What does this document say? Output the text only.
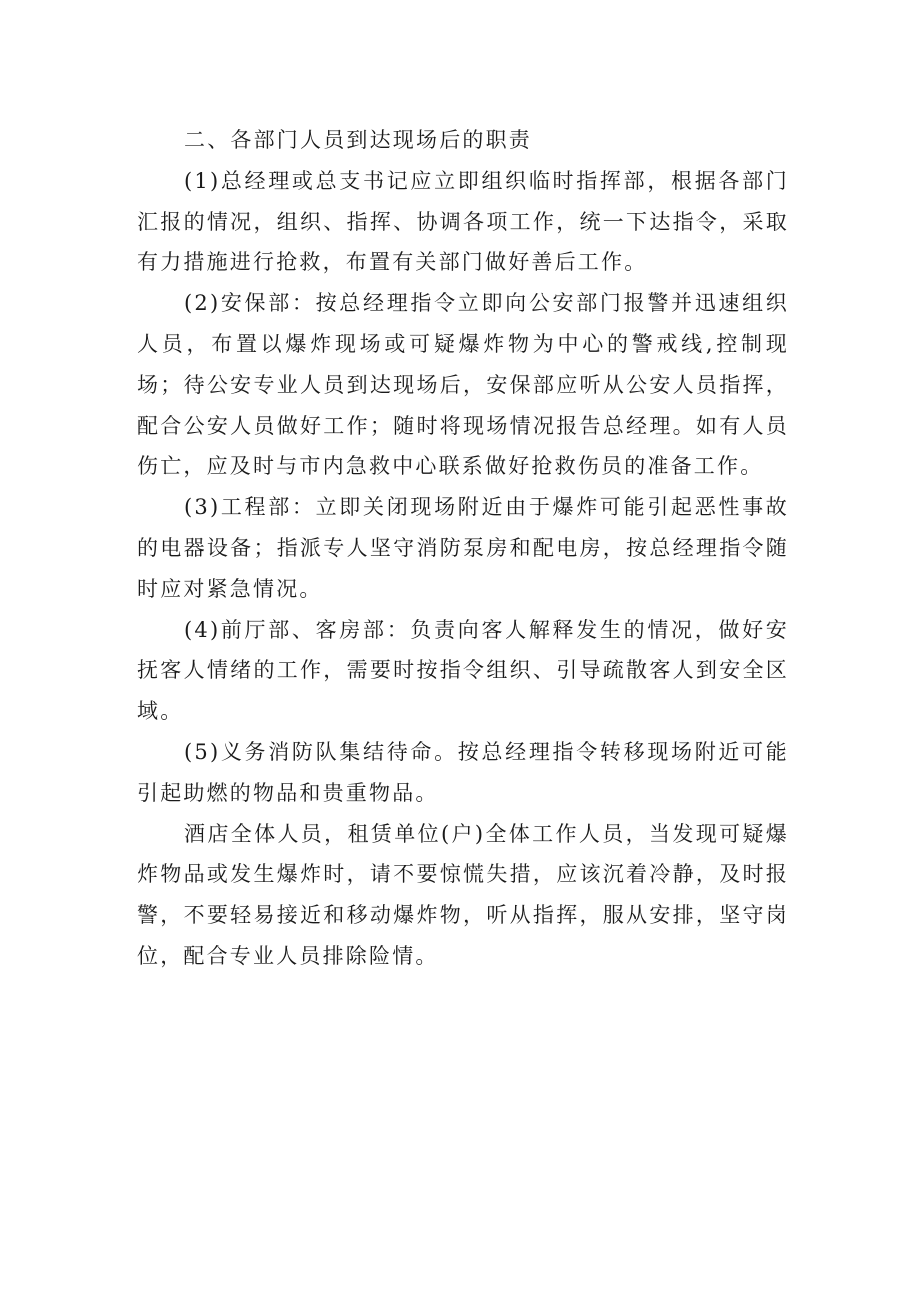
二、各部门人员到达现场后的职责

(1)总经理或总支书记应立即组织临时指挥部，根据各部门汇报的情况，组织、指挥、协调各项工作，统一下达指令，采取有力措施进行抢救，布置有关部门做好善后工作。

(2)安保部：按总经理指令立即向公安部门报警并迅速组织人员，布置以爆炸现场或可疑爆炸物为中心的警戒线,控制现场；待公安专业人员到达现场后，安保部应听从公安人员指挥，配合公安人员做好工作；随时将现场情况报告总经理。如有人员伤亡，应及时与市内急救中心联系做好抢救伤员的准备工作。

(3)工程部：立即关闭现场附近由于爆炸可能引起恶性事故的电器设备；指派专人坚守消防泵房和配电房，按总经理指令随时应对紧急情况。

(4)前厅部、客房部：负责向客人解释发生的情况，做好安抚客人情绪的工作，需要时按指令组织、引导疏散客人到安全区域。

(5)义务消防队集结待命。按总经理指令转移现场附近可能引起助燃的物品和贵重物品。

酒店全体人员，租赁单位(户)全体工作人员，当发现可疑爆炸物品或发生爆炸时，请不要惊慌失措，应该沉着冷静，及时报警，不要轻易接近和移动爆炸物，听从指挥，服从安排，坚守岗位，配合专业人员排除险情。
